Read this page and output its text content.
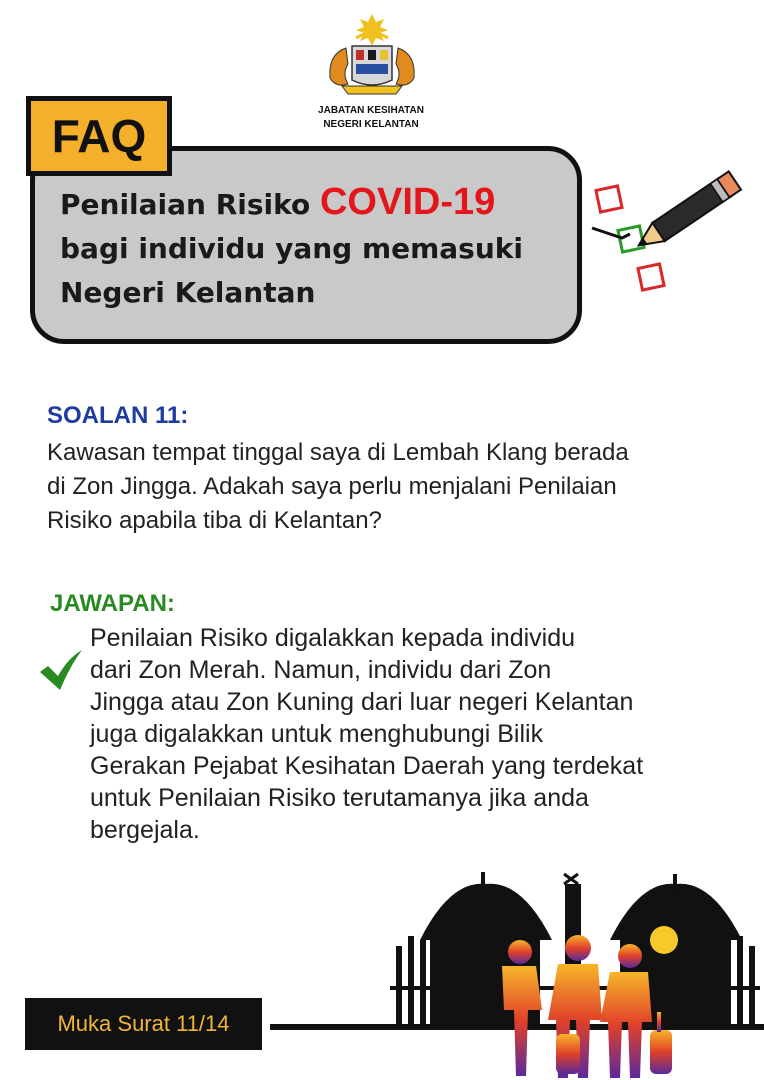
JABATAN KESIHATAN
NEGERI KELANTAN
Penilaian Risiko COVID-19
bagi individu yang memasuki
Negeri Kelantan
FAQ
SOALAN 11:
Kawasan tempat tinggal saya di Lembah Klang berada
di Zon Jingga. Adakah saya perlu menjalani Penilaian
Risiko apabila tiba di Kelantan?
JAWAPAN:
Penilaian Risiko digalakkan kepada individu
dari Zon Merah. Namun, individu dari Zon
Jingga atau Zon Kuning dari luar negeri Kelantan
juga digalakkan untuk menghubungi Bilik
Gerakan Pejabat Kesihatan Daerah yang terdekat
untuk Penilaian Risiko terutamanya jika anda
bergejala.
Muka Surat 11/14
